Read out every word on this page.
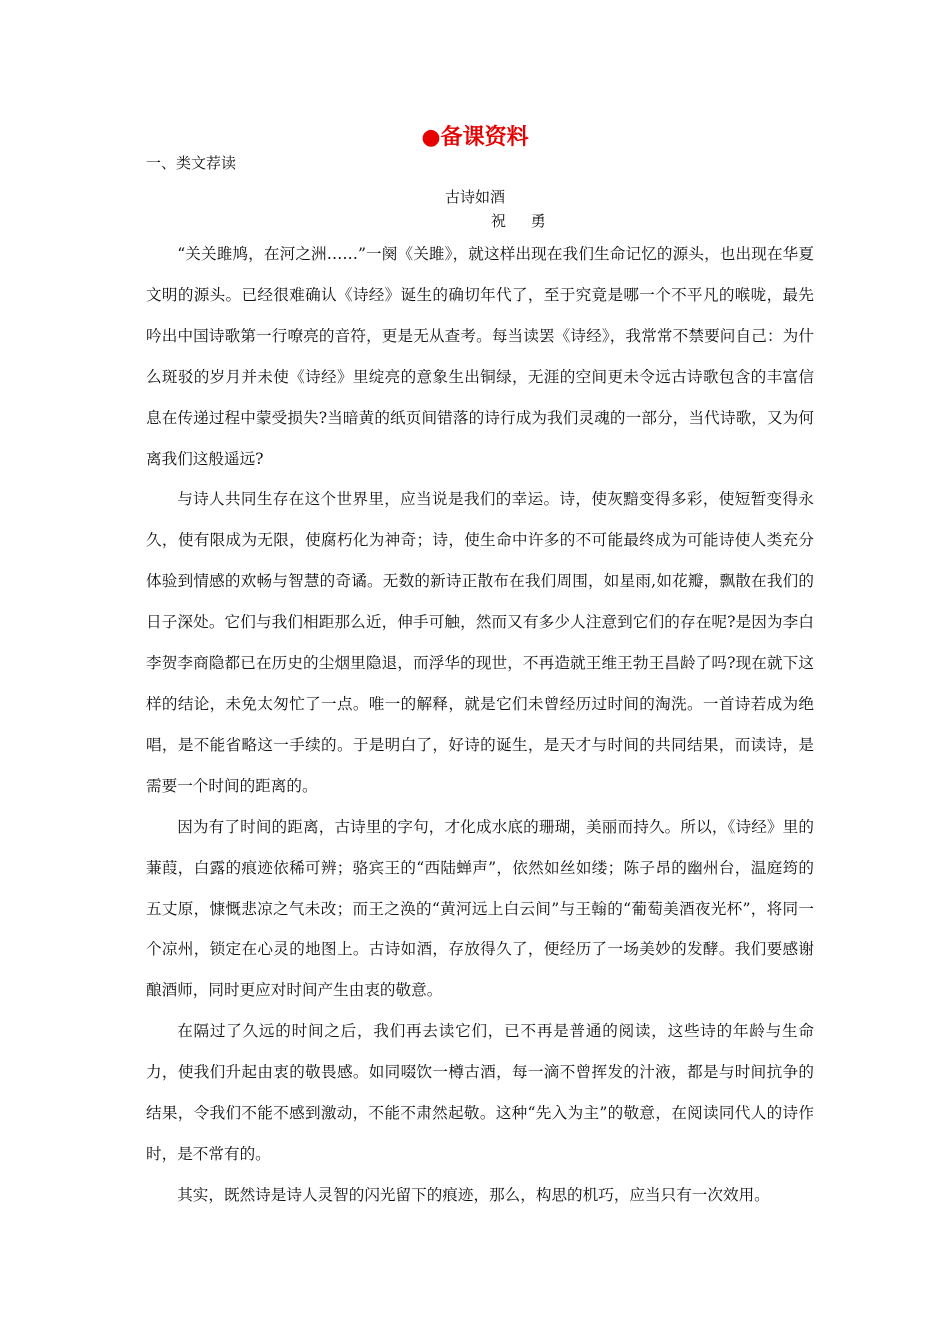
●备课资料
一、类文荐读
古诗如酒
祝 勇

“关关雎鸠，在河之洲……”一阕《关雎》，就这样出现在我们生命记忆的源头，也出现在华夏文明的源头。已经很难确认《诗经》诞生的确切年代了，至于究竟是哪一个不平凡的喉咙，最先吟出中国诗歌第一行嘹亮的音符，更是无从查考。每当读罢《诗经》，我常常不禁要问自己：为什么斑驳的岁月并未使《诗经》里绽亮的意象生出铜绿，无涯的空间更未令远古诗歌包含的丰富信息在传递过程中蒙受损失?当暗黄的纸页间错落的诗行成为我们灵魂的一部分，当代诗歌，又为何离我们这般遥远?

与诗人共同生存在这个世界里，应当说是我们的幸运。诗，使灰黯变得多彩，使短暂变得永久，使有限成为无限，使腐朽化为神奇；诗，使生命中许多的不可能最终成为可能诗使人类充分体验到情感的欢畅与智慧的奇谲。无数的新诗正散布在我们周围，如星雨,如花瓣，飘散在我们的日子深处。它们与我们相距那么近，伸手可触，然而又有多少人注意到它们的存在呢?是因为李白李贺李商隐都已在历史的尘烟里隐退，而浮华的现世，不再造就王维王勃王昌龄了吗?现在就下这样的结论，未免太匆忙了一点。唯一的解释，就是它们未曾经历过时间的淘洗。一首诗若成为绝唱，是不能省略这一手续的。于是明白了，好诗的诞生，是天才与时间的共同结果，而读诗，是需要一个时间的距离的。

因为有了时间的距离，古诗里的字句，才化成水底的珊瑚，美丽而持久。所以，《诗经》里的蒹葭，白露的痕迹依稀可辨；骆宾王的“西陆蝉声”，依然如丝如缕；陈子昂的幽州台，温庭筠的五丈原，慷慨悲凉之气未改；而王之涣的“黄河远上白云间”与王翰的“葡萄美酒夜光杯”，将同一个凉州，锁定在心灵的地图上。古诗如酒，存放得久了，便经历了一场美妙的发酵。我们要感谢酿酒师，同时更应对时间产生由衷的敬意。

在隔过了久远的时间之后，我们再去读它们，已不再是普通的阅读，这些诗的年龄与生命力，使我们升起由衷的敬畏感。如同啜饮一樽古酒，每一滴不曾挥发的汁液，都是与时间抗争的结果，令我们不能不感到激动，不能不肃然起敬。这种“先入为主”的敬意，在阅读同代人的诗作时，是不常有的。

其实，既然诗是诗人灵智的闪光留下的痕迹，那么，构思的机巧，应当只有一次效用。
